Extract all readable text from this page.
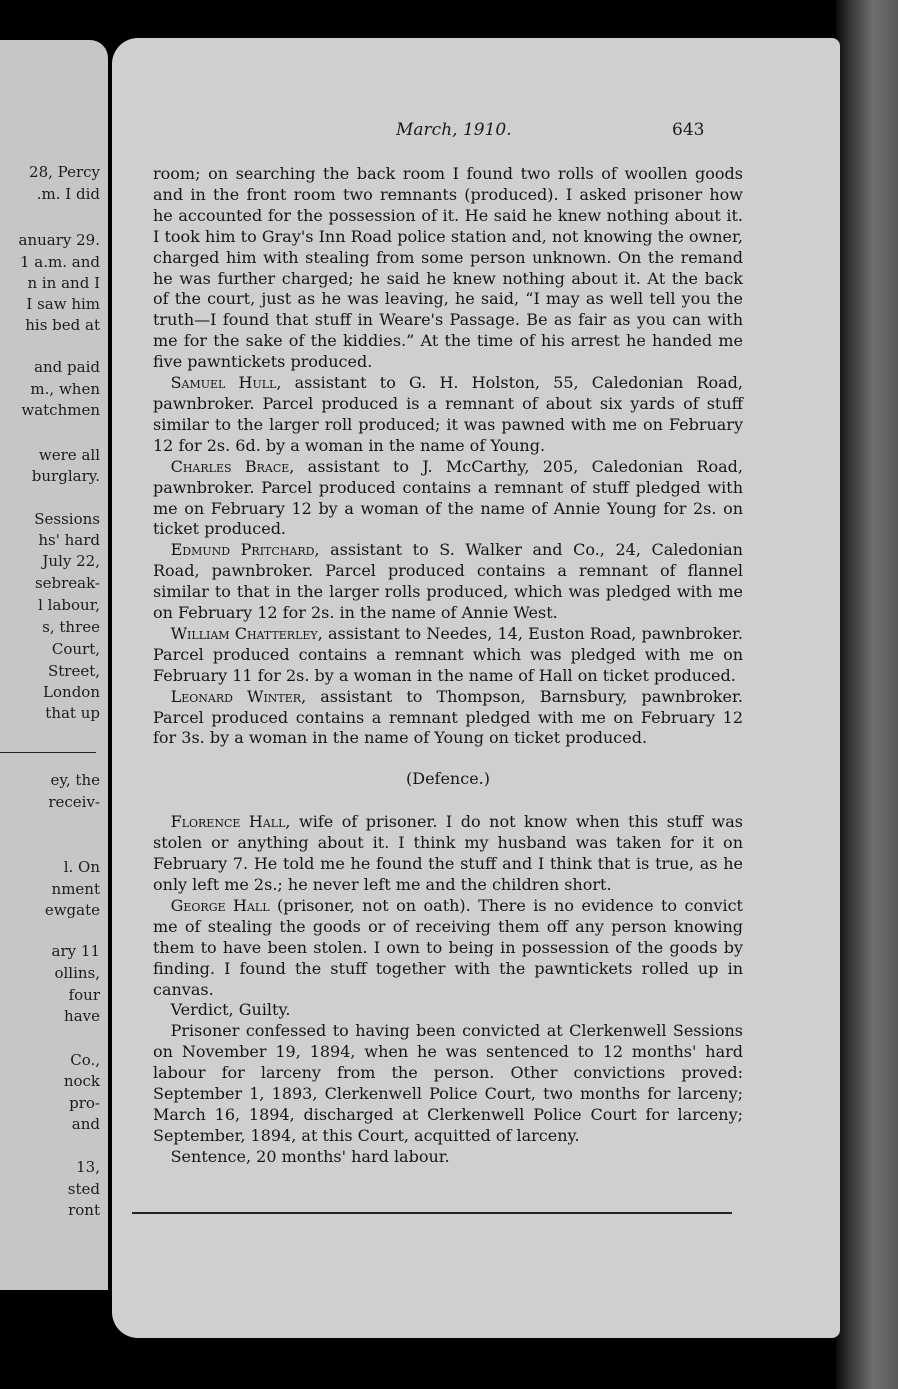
28, Percy
.m. I did
anuary 29.
1 a.m. and
n in and I
I saw him
his bed at
and paid
m., when
watchmen
were all
burglary.
Sessions
hs' hard
July 22,
sebreak-
l labour,
s, three
Court,
Street,
London
that up
ey, the
receiv-
l. On
nment
ewgate
ary 11
ollins,
four
have
Co.,
nock
pro-
and
13,
sted
ront
March, 1910.	643

room; on searching the back room I found two rolls of woollen goods and in the front room two remnants (produced). I asked prisoner how he accounted for the possession of it. He said he knew nothing about it. I took him to Gray's Inn Road police station and, not knowing the owner, charged him with stealing from some person unknown. On the remand he was further charged; he said he knew nothing about it. At the back of the court, just as he was leaving, he said, “I may as well tell you the truth—I found that stuff in Weare's Passage. Be as fair as you can with me for the sake of the kiddies.” At the time of his arrest he handed me five pawntickets produced.

Samuel Hull, assistant to G. H. Holston, 55, Caledonian Road, pawnbroker. Parcel produced is a remnant of about six yards of stuff similar to the larger roll produced; it was pawned with me on February 12 for 2s. 6d. by a woman in the name of Young.

Charles Brace, assistant to J. McCarthy, 205, Caledonian Road, pawnbroker. Parcel produced contains a remnant of stuff pledged with me on February 12 by a woman of the name of Annie Young for 2s. on ticket produced.

Edmund Pritchard, assistant to S. Walker and Co., 24, Caledonian Road, pawnbroker. Parcel produced contains a remnant of flannel similar to that in the larger rolls produced, which was pledged with me on February 12 for 2s. in the name of Annie West.

William Chatterley, assistant to Needes, 14, Euston Road, pawnbroker. Parcel produced contains a remnant which was pledged with me on February 11 for 2s. by a woman in the name of Hall on ticket produced.

Leonard Winter, assistant to Thompson, Barnsbury, pawnbroker. Parcel produced contains a remnant pledged with me on February 12 for 3s. by a woman in the name of Young on ticket produced.

(Defence.)

Florence Hall, wife of prisoner. I do not know when this stuff was stolen or anything about it. I think my husband was taken for it on February 7. He told me he found the stuff and I think that is true, as he only left me 2s.; he never left me and the children short.

George Hall (prisoner, not on oath). There is no evidence to convict me of stealing the goods or of receiving them off any person knowing them to have been stolen. I own to being in possession of the goods by finding. I found the stuff together with the pawntickets rolled up in canvas.

Verdict, Guilty.

Prisoner confessed to having been convicted at Clerkenwell Sessions on November 19, 1894, when he was sentenced to 12 months' hard labour for larceny from the person. Other convictions proved: September 1, 1893, Clerkenwell Police Court, two months for larceny; March 16, 1894, discharged at Clerkenwell Police Court for larceny; September, 1894, at this Court, acquitted of larceny.

Sentence, 20 months' hard labour.
